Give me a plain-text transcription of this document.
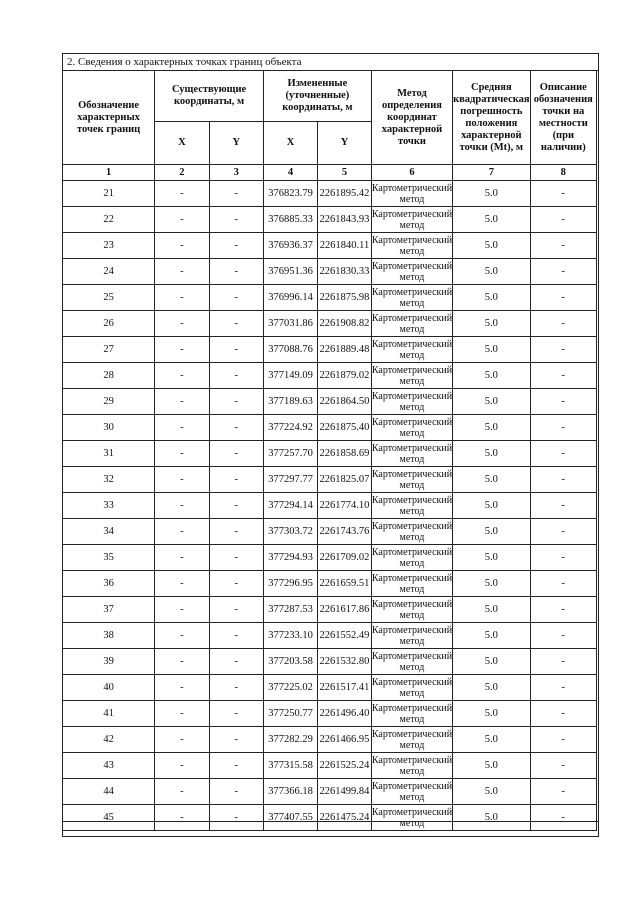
2. Сведения о характерных точках границ объекта
Обозначение характерных точек границ	Существующие координаты, м		Измененные (уточненные) координаты, м		Метод определения координат характерной точки	Средняя квадратическая погрешность положения характерной точки (Mt), м	Описание обозначения точки на местности (при наличии)
	X	Y	X	Y			
1	2	3	4	5	6	7	8
21	-	-	376823.79	2261895.42	Картометрический метод	5.0	-
22	-	-	376885.33	2261843.93	Картометрический метод	5.0	-
23	-	-	376936.37	2261840.11	Картометрический метод	5.0	-
24	-	-	376951.36	2261830.33	Картометрический метод	5.0	-
25	-	-	376996.14	2261875.98	Картометрический метод	5.0	-
26	-	-	377031.86	2261908.82	Картометрический метод	5.0	-
27	-	-	377088.76	2261889.48	Картометрический метод	5.0	-
28	-	-	377149.09	2261879.02	Картометрический метод	5.0	-
29	-	-	377189.63	2261864.50	Картометрический метод	5.0	-
30	-	-	377224.92	2261875.40	Картометрический метод	5.0	-
31	-	-	377257.70	2261858.69	Картометрический метод	5.0	-
32	-	-	377297.77	2261825.07	Картометрический метод	5.0	-
33	-	-	377294.14	2261774.10	Картометрический метод	5.0	-
34	-	-	377303.72	2261743.76	Картометрический метод	5.0	-
35	-	-	377294.93	2261709.02	Картометрический метод	5.0	-
36	-	-	377296.95	2261659.51	Картометрический метод	5.0	-
37	-	-	377287.53	2261617.86	Картометрический метод	5.0	-
38	-	-	377233.10	2261552.49	Картометрический метод	5.0	-
39	-	-	377203.58	2261532.80	Картометрический метод	5.0	-
40	-	-	377225.02	2261517.41	Картометрический метод	5.0	-
41	-	-	377250.77	2261496.40	Картометрический метод	5.0	-
42	-	-	377282.29	2261466.95	Картометрический метод	5.0	-
43	-	-	377315.58	2261525.24	Картометрический метод	5.0	-
44	-	-	377366.18	2261499.84	Картометрический метод	5.0	-
45	-	-	377407.55	2261475.24	Картометрический метод	5.0	-
